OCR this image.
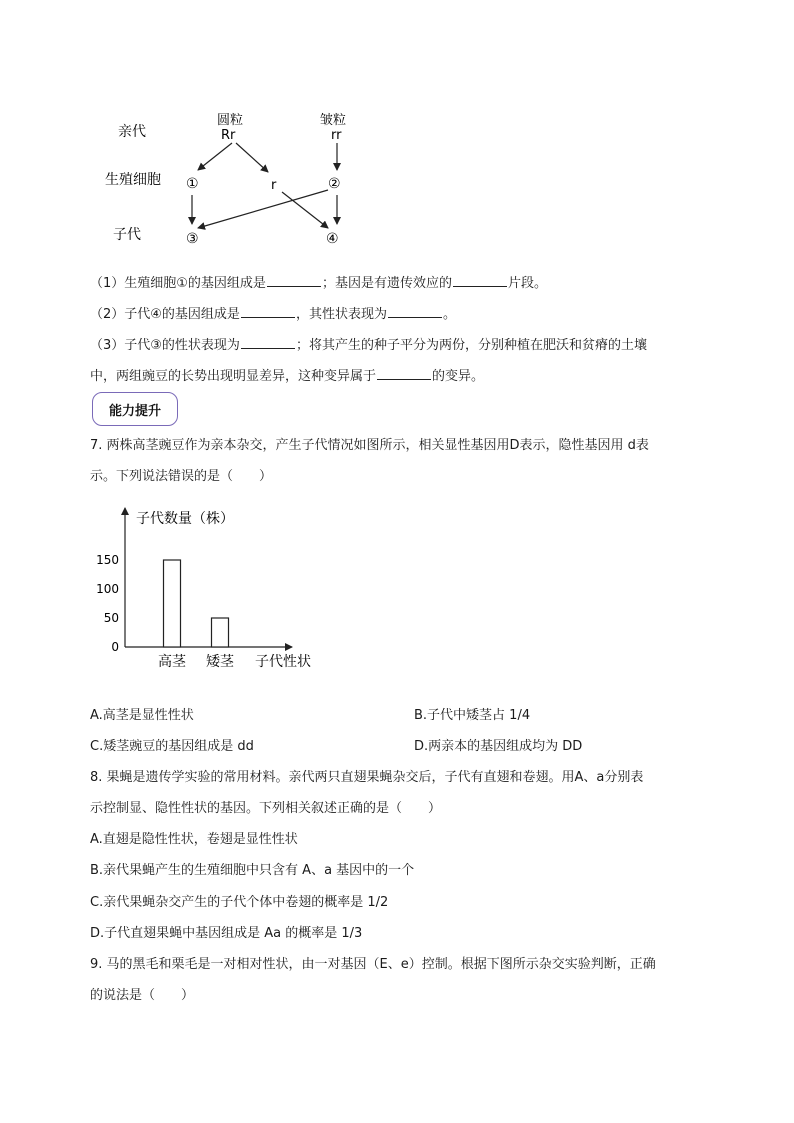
亲代
生殖细胞
子代
圆粒
Rr
皱粒
rr
①	r	②
③	④
（1）生殖细胞①的基因组成是	；基因是有遗传效应的	片段。
（2）子代④的基因组成是	，其性状表现为	。
（3）子代③的性状表现为	；将其产生的种子平分为两份，分别种植在肥沃和贫瘠的土壤
中，两组豌豆的长势出现明显差异，这种变异属于	的变异。
能力提升
7. 两株高茎豌豆作为亲本杂交，产生子代情况如图所示，相关显性基因用D表示，隐性基因用 d表
示。下列说法错误的是（　　）
子代数量（株）
子代性状
0
50
100
150
高茎 矮茎
A.高茎是显性性状	B.子代中矮茎占 1/4
C.矮茎豌豆的基因组成是 dd	D.两亲本的基因组成均为 DD
8. 果蝇是遗传学实验的常用材料。亲代两只直翅果蝇杂交后，子代有直翅和卷翅。用A、a分别表
示控制显、隐性性状的基因。下列相关叙述正确的是（　　）
A.直翅是隐性性状，卷翅是显性性状
B.亲代果蝇产生的生殖细胞中只含有 A、a 基因中的一个
C.亲代果蝇杂交产生的子代个体中卷翅的概率是 1/2
D.子代直翅果蝇中基因组成是 Aa 的概率是 1/3
9. 马的黑毛和栗毛是一对相对性状，由一对基因（E、e）控制。根据下图所示杂交实验判断，正确
的说法是（　　）
